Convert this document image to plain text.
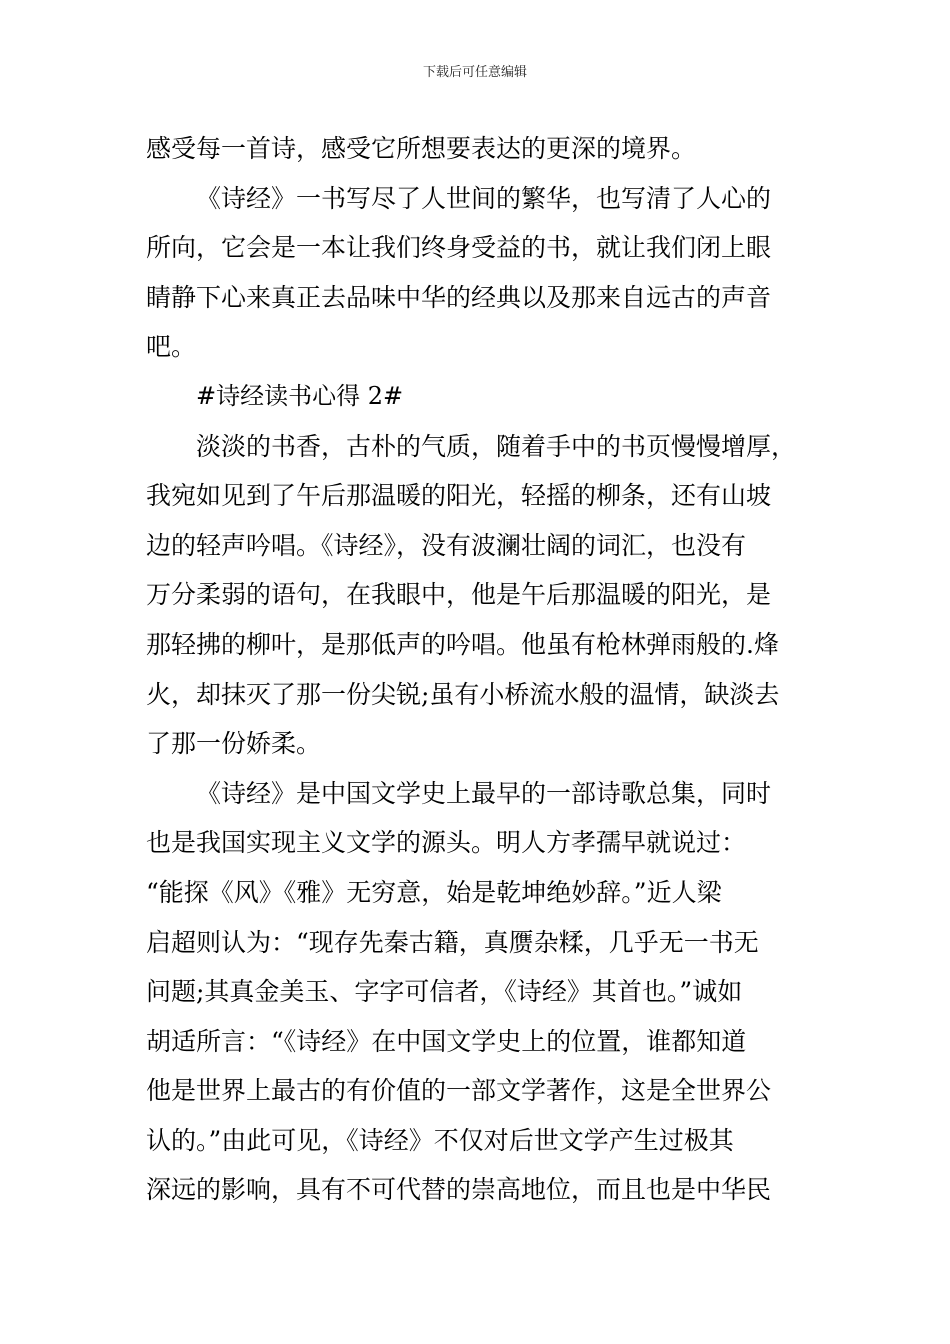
下载后可任意编辑
感受每一首诗，感受它所想要表达的更深的境界。
《诗经》一书写尽了人世间的繁华，也写清了人心的
所向，它会是一本让我们终身受益的书，就让我们闭上眼
睛静下心来真正去品味中华的经典以及那来自远古的声音
吧。
#诗经读书心得 2#
淡淡的书香，古朴的气质，随着手中的书页慢慢增厚，
我宛如见到了午后那温暖的阳光，轻摇的柳条，还有山坡
边的轻声吟唱。《诗经》，没有波澜壮阔的词汇，也没有
万分柔弱的语句，在我眼中，他是午后那温暖的阳光，是
那轻拂的柳叶，是那低声的吟唱。他虽有枪林弹雨般的.烽
火，却抹灭了那一份尖锐;虽有小桥流水般的温情，缺淡去
了那一份娇柔。
《诗经》是中国文学史上最早的一部诗歌总集，同时
也是我国实现主义文学的源头。明人方孝孺早就说过：
“能探《风》《雅》无穷意，始是乾坤绝妙辞。”近人梁
启超则认为：“现存先秦古籍，真赝杂糅，几乎无一书无
问题;其真金美玉、字字可信者，《诗经》其首也。”诚如
胡适所言：“《诗经》在中国文学史上的位置，谁都知道
他是世界上最古的有价值的一部文学著作，这是全世界公
认的。”由此可见，《诗经》不仅对后世文学产生过极其
深远的影响，具有不可代替的崇高地位，而且也是中华民
